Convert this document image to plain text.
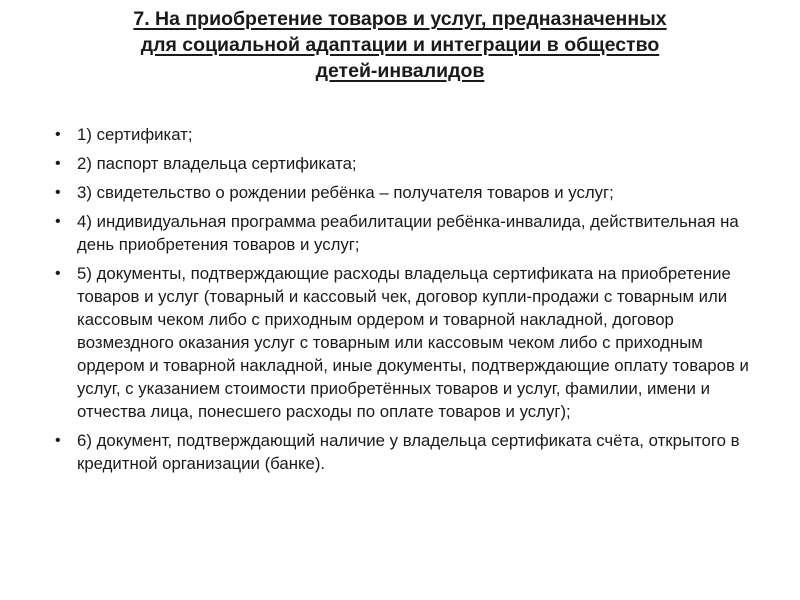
7. На приобретение товаров и услуг, предназначенных
для социальной адаптации и интеграции в общество
детей-инвалидов
• 1) сертификат;
• 2) паспорт владельца сертификата;
• 3) свидетельство о рождении ребёнка – получателя товаров и услуг;
• 4) индивидуальная программа реабилитации ребёнка-инвалида, действительная на день приобретения товаров и услуг;
• 5) документы, подтверждающие расходы владельца сертификата на приобретение товаров и услуг (товарный и кассовый чек, договор купли-продажи с товарным или кассовым чеком либо с приходным ордером и товарной накладной, договор возмездного оказания услуг с товарным или кассовым чеком либо с приходным ордером и товарной накладной, иные документы, подтверждающие оплату товаров и услуг, с указанием стоимости приобретённых товаров и услуг, фамилии, имени и отчества лица, понесшего расходы по оплате товаров и услуг);
• 6) документ, подтверждающий наличие у владельца сертификата счёта, открытого в кредитной организации (банке).
